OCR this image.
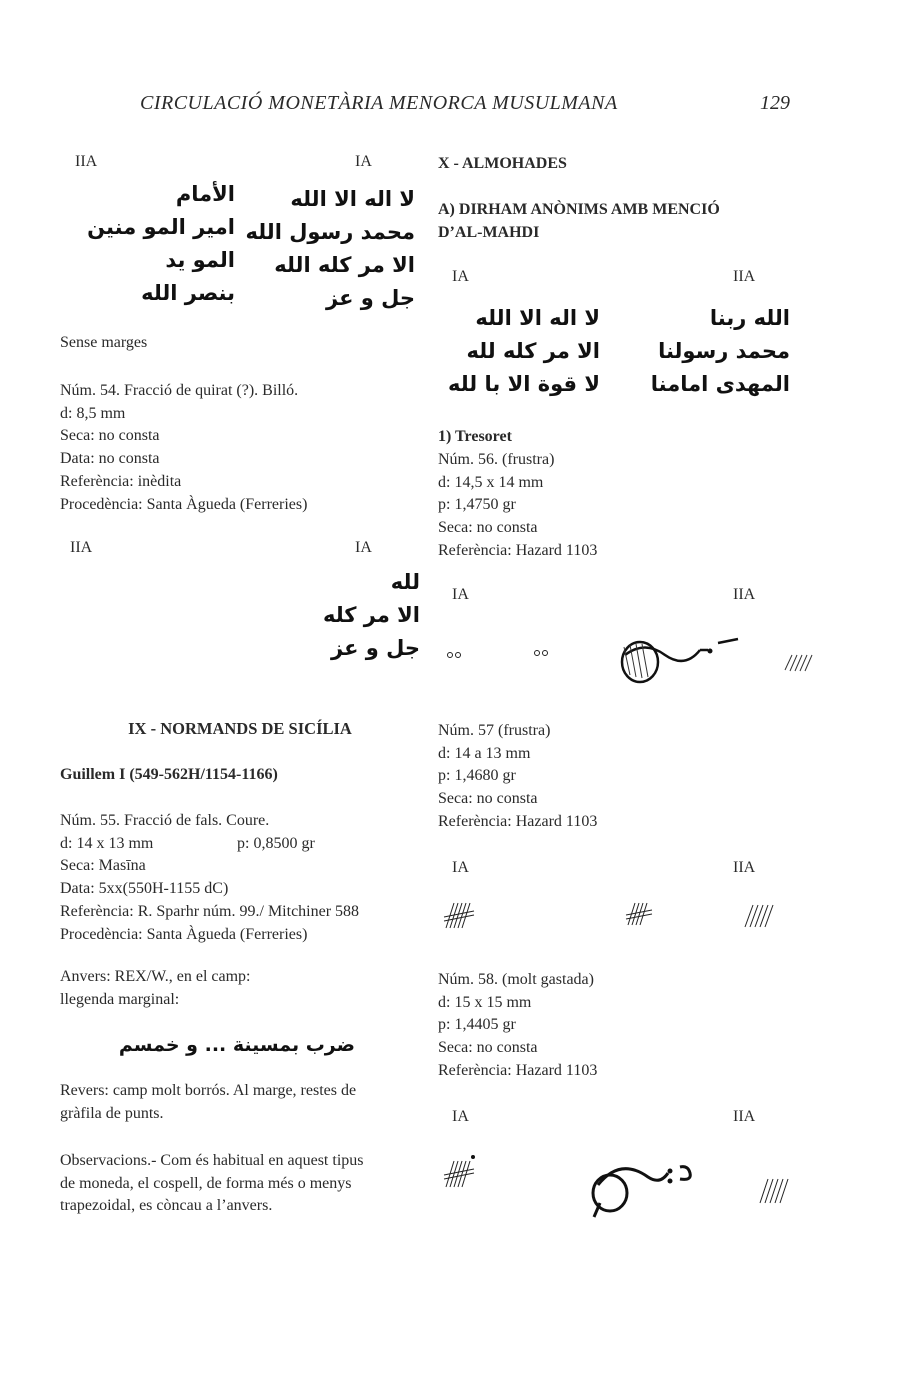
CIRCULACIÓ MONETÀRIA MENORCA MUSULMANA	129
IIA	IA
الأمام
امير المو منين
المو يد
بنصر الله
لا اله الا الله
محمد رسول الله
الا مر كله الله
جل و عز
Sense marges
Núm. 54. Fracció de quirat (?). Billó.
d: 8,5 mm
Seca: no consta
Data: no consta
Referència: inèdita
Procedència: Santa Àgueda (Ferreries)
IIA	IA
لله
الا مر كله
جل و عز
IX - NORMANDS DE SICÍLIA
Guillem I (549-562H/1154-1166)
Núm. 55. Fracció de fals. Coure.
d: 14 x 13 mm	p: 0,8500 gr
Seca: Masīna
Data: 5xx(550H-1155 dC)
Referència: R. Sparhr núm. 99./ Mitchiner 588
Procedència: Santa Àgueda (Ferreries)
Anvers: REX/W., en el camp:
llegenda marginal:
ضرب بمسينة ... و خمسم
Revers: camp molt borrós. Al marge, restes de
gràfila de punts.
Observacions.- Com és habitual en aquest tipus
de moneda, el cospell, de forma més o menys
trapezoidal, es còncau a l’anvers.
X - ALMOHADES
A) DIRHAM ANÒNIMS AMB MENCIÓ
D’AL-MAHDI
IA	IIA
لا اله الا الله
الا مر كله لله
لا قوة الا با لله
الله ربنا
محمد رسولنا
المهدى امامنا
1) Tresoret
Núm. 56. (frustra)
d: 14,5 x 14 mm
p: 1,4750 gr
Seca: no consta
Referència: Hazard 1103
IA	IIA
Núm. 57 (frustra)
d: 14 a 13 mm
p: 1,4680 gr
Seca: no consta
Referència: Hazard 1103
IA	IIA
Núm. 58. (molt gastada)
d: 15 x 15 mm
p: 1,4405 gr
Seca: no consta
Referència: Hazard 1103
IA	IIA
